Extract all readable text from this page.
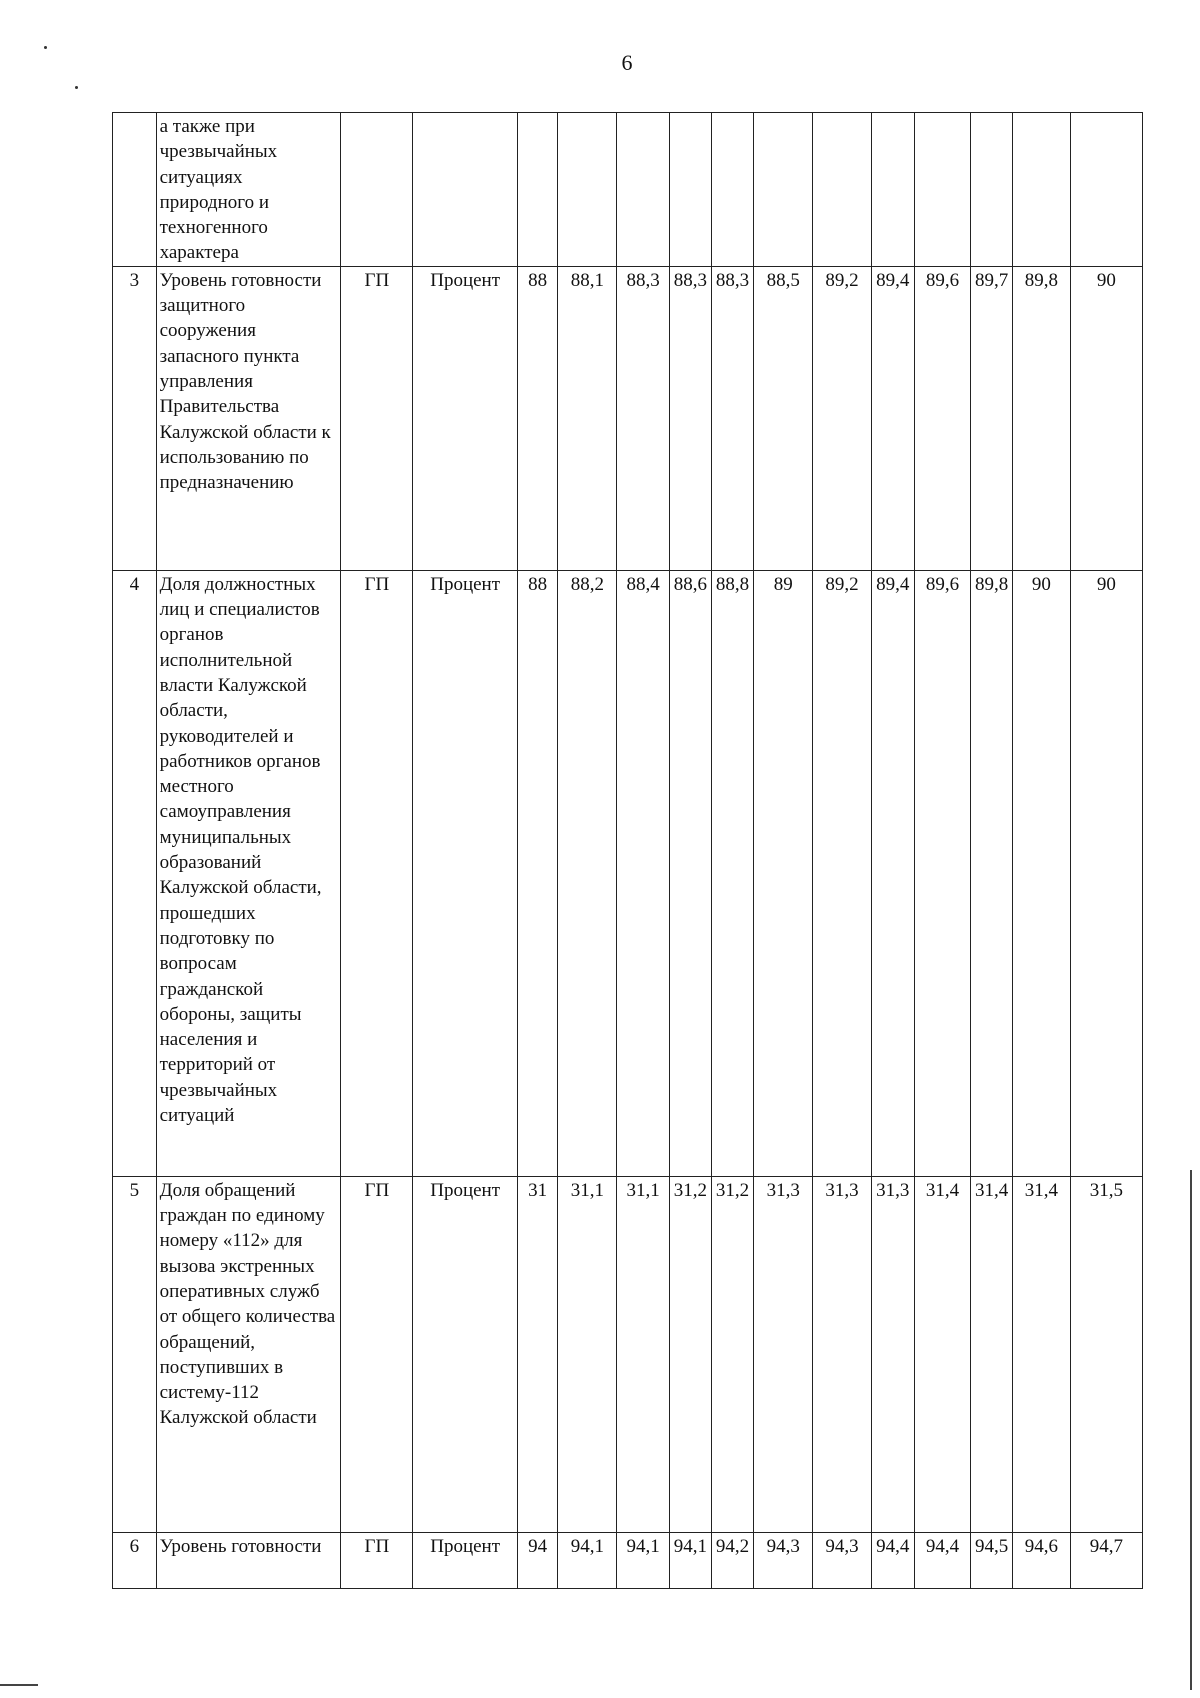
6
	а также при чрезвычайных ситуациях природного и техногенного характера														
3	Уровень готовности защитного сооружения запасного пункта управления Правительства Калужской области к использованию по предназначению	ГП	Процент	88	88,1	88,3	88,3	88,3	88,5	89,2	89,4	89,6	89,7	89,8	90
4	Доля должностных лиц и специалистов органов исполнительной власти Калужской области, руководителей и работников органов местного самоуправления муниципальных образований Калужской области, прошедших подготовку по вопросам гражданской обороны, защиты населения и территорий от чрезвычайных ситуаций	ГП	Процент	88	88,2	88,4	88,6	88,8	89	89,2	89,4	89,6	89,8	90	90
5	Доля обращений граждан по единому номеру «112» для вызова экстренных оперативных служб от общего количества обращений, поступивших в систему-112 Калужской области	ГП	Процент	31	31,1	31,1	31,2	31,2	31,3	31,3	31,3	31,4	31,4	31,4	31,5
6	Уровень готовности	ГП	Процент	94	94,1	94,1	94,1	94,2	94,3	94,3	94,4	94,4	94,5	94,6	94,7
